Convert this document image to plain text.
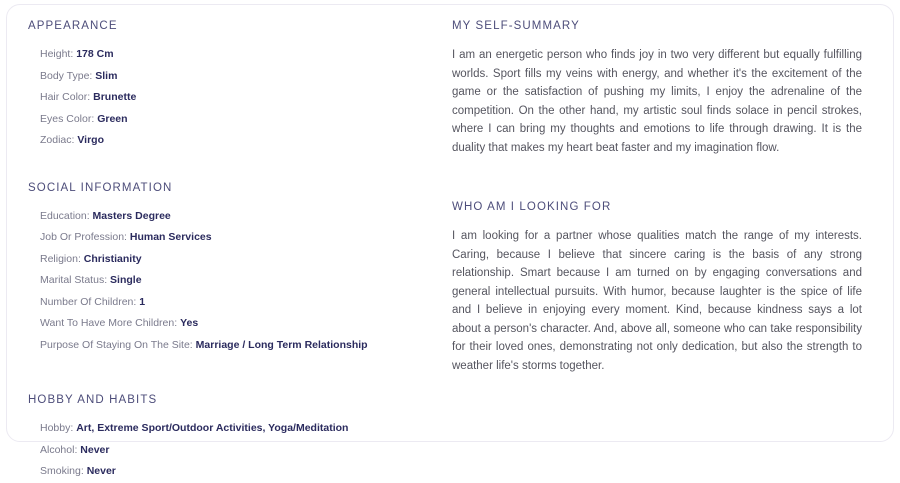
APPEARANCE
Height: 178 Cm
Body Type: Slim
Hair Color: Brunette
Eyes Color: Green
Zodiac: Virgo
SOCIAL INFORMATION
Education: Masters Degree
Job Or Profession: Human Services
Religion: Christianity
Marital Status: Single
Number Of Children: 1
Want To Have More Children: Yes
Purpose Of Staying On The Site: Marriage / Long Term Relationship
HOBBY AND HABITS
Hobby: Art, Extreme Sport/Outdoor Activities, Yoga/Meditation
Alcohol: Never
Smoking: Never
MY SELF-SUMMARY

I am an energetic person who finds joy in two very different but equally fulfilling worlds. Sport fills my veins with energy, and whether it's the excitement of the game or the satisfaction of pushing my limits, I enjoy the adrenaline of the competition. On the other hand, my artistic soul finds solace in pencil strokes, where I can bring my thoughts and emotions to life through drawing. It is the duality that makes my heart beat faster and my imagination flow.

WHO AM I LOOKING FOR

I am looking for a partner whose qualities match the range of my interests. Caring, because I believe that sincere caring is the basis of any strong relationship. Smart because I am turned on by engaging conversations and general intellectual pursuits. With humor, because laughter is the spice of life and I believe in enjoying every moment. Kind, because kindness says a lot about a person's character. And, above all, someone who can take responsibility for their loved ones, demonstrating not only dedication, but also the strength to weather life's storms together.
